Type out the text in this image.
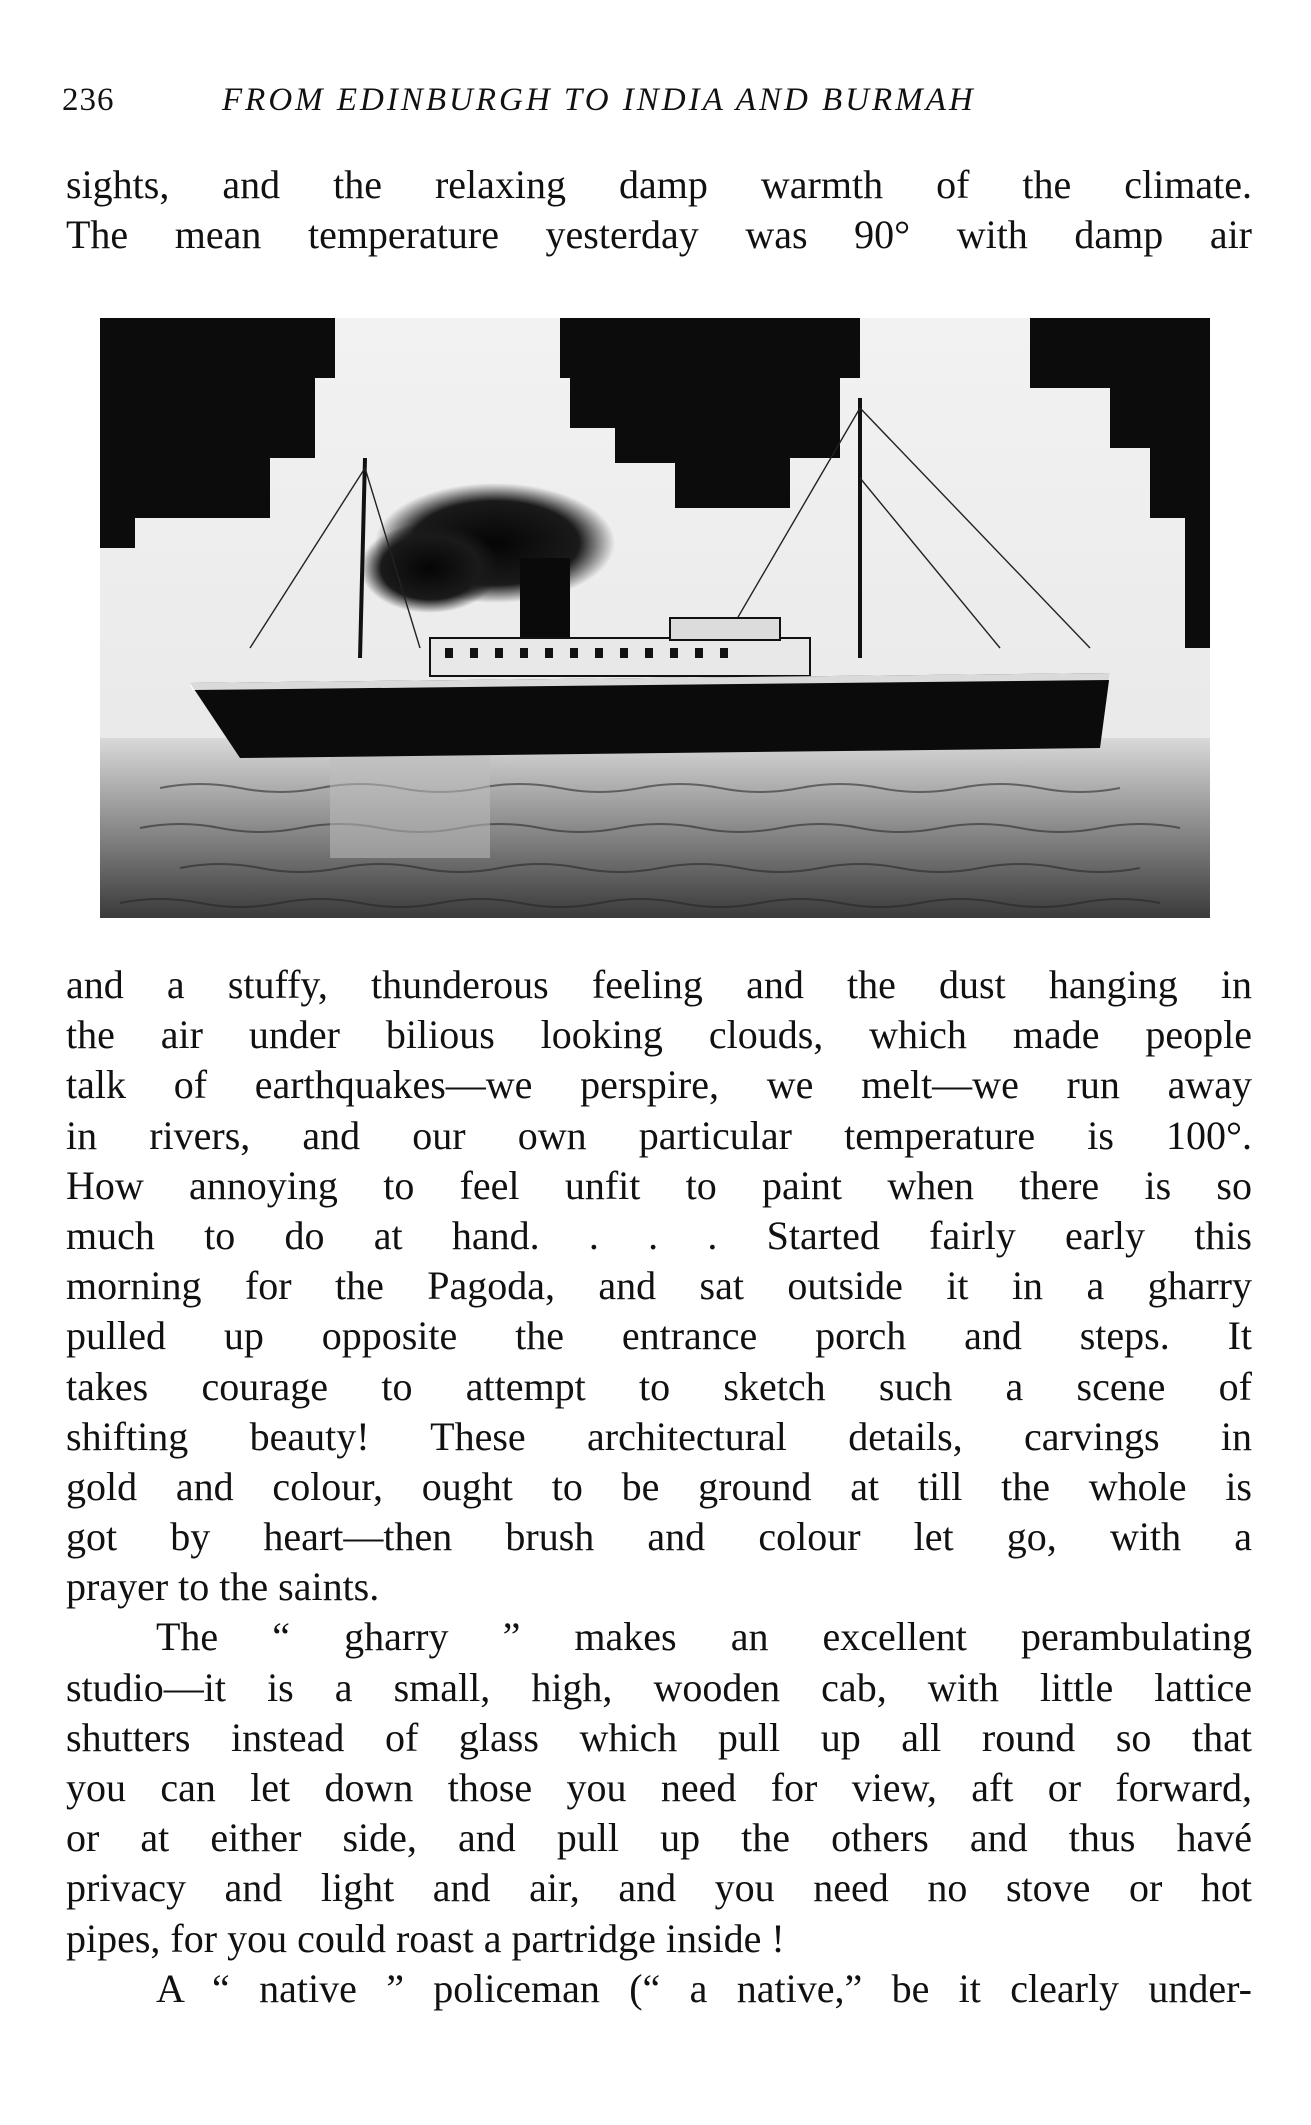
236	FROM EDINBURGH TO INDIA AND BURMAH
sights, and the relaxing damp warmth of the climate.
The mean temperature yesterday was 90° with damp air
and a stuffy, thunderous feeling and the dust hanging in
the air under bilious looking clouds, which made people
talk of earthquakes—we perspire, we melt—we run away
in rivers, and our own particular temperature is 100°.
How annoying to feel unfit to paint when there is so
much to do at hand. . . . Started fairly early this
morning for the Pagoda, and sat outside it in a gharry
pulled up opposite the entrance porch and steps. It
takes courage to attempt to sketch such a scene of
shifting beauty! These architectural details, carvings in
gold and colour, ought to be ground at till the whole is
got by heart—then brush and colour let go, with a
prayer to the saints.
The “ gharry ” makes an excellent perambulating
studio—it is a small, high, wooden cab, with little lattice
shutters instead of glass which pull up all round so that
you can let down those you need for view, aft or forward,
or at either side, and pull up the others and thus havé
privacy and light and air, and you need no stove or hot
pipes, for you could roast a partridge inside !
A “ native ” policeman (“ a native,” be it clearly under-
